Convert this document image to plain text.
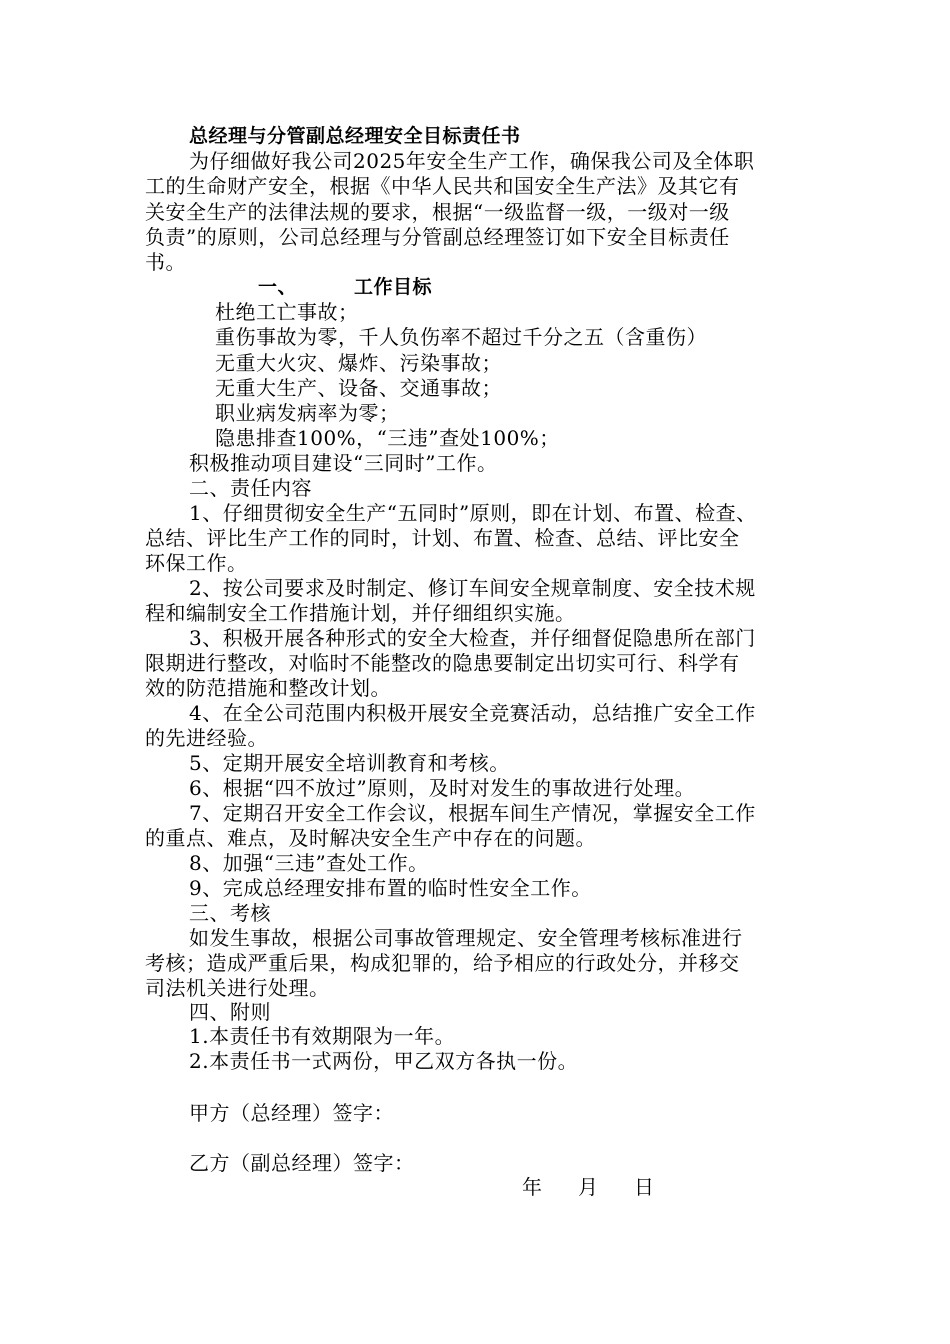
总经理与分管副总经理安全目标责任书
为仔细做好我公司2025年安全生产工作，确保我公司及全体职
工的生命财产安全，根据《中华人民共和国安全生产法》及其它有
关安全生产的法律法规的要求，根据“一级监督一级，一级对一级
负责”的原则，公司总经理与分管副总经理签订如下安全目标责任
书。
一、	工作目标
杜绝工亡事故；
重伤事故为零，千人负伤率不超过千分之五（含重伤）
无重大火灾、爆炸、污染事故；
无重大生产、设备、交通事故；
职业病发病率为零；
隐患排查100%，“三违”查处100%；
积极推动项目建设“三同时”工作。
二、责任内容
1、仔细贯彻安全生产“五同时”原则，即在计划、布置、检查、
总结、评比生产工作的同时，计划、布置、检查、总结、评比安全
环保工作。
2、按公司要求及时制定、修订车间安全规章制度、安全技术规
程和编制安全工作措施计划，并仔细组织实施。
3、积极开展各种形式的安全大检查，并仔细督促隐患所在部门
限期进行整改，对临时不能整改的隐患要制定出切实可行、科学有
效的防范措施和整改计划。
4、在全公司范围内积极开展安全竞赛活动，总结推广安全工作
的先进经验。
5、定期开展安全培训教育和考核。
6、根据“四不放过”原则，及时对发生的事故进行处理。
7、定期召开安全工作会议，根据车间生产情况，掌握安全工作
的重点、难点，及时解决安全生产中存在的问题。
8、加强“三违”查处工作。
9、完成总经理安排布置的临时性安全工作。
三、考核
如发生事故，根据公司事故管理规定、安全管理考核标准进行
考核；造成严重后果，构成犯罪的，给予相应的行政处分，并移交
司法机关进行处理。
四、附则
1.本责任书有效期限为一年。
2.本责任书一式两份，甲乙双方各执一份。
甲方（总经理）签字：
乙方（副总经理）签字：
年 月 日
